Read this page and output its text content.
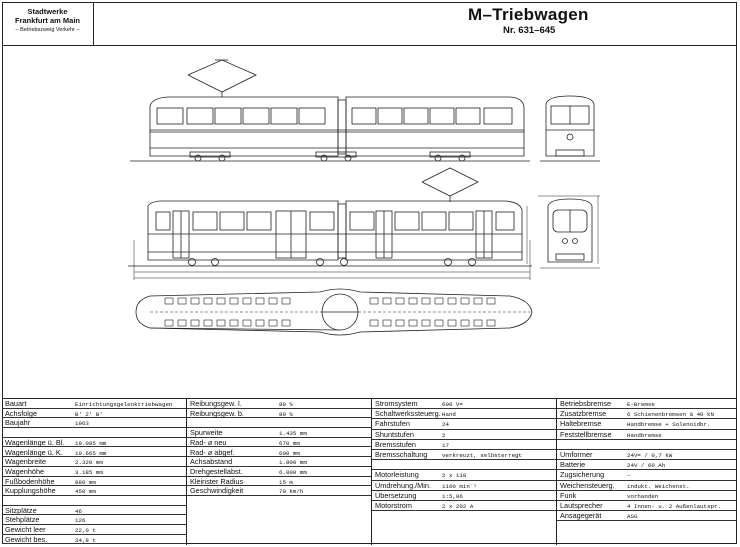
Stadtwerke
Frankfurt am Main
– Betriebszweig Verkehr –
M–Triebwagen
Nr. 631–645
Bauart	Einrichtungsgelenktriebwagen
Achsfolge	B' 2' B'
Baujahr	1963
Wagenlänge ü. Bl. 19.095 mm
Wagenlänge ü. K. 19.665 mm
Wagenbreite	2.320 mm
Wagenhöhe	3.185 mm
Fußbodenhöhe	880 mm
Kupplungshöhe	450 mm
Sitzplätze	46
Stehplätze	126
Gewicht leer	22,0 t
Gewicht bes.	34,8 t
Reibungsgew. I.	80 %
Reibungsgew. b.	80 %
Spurweite	1.435 mm
Rad- ⌀ neu	670 mm
Rad- ⌀ abgef.	600 mm
Achsabstand	1.800 mm
Drehgestellabst.	6.000 mm
Kleinster Radius	15 m
Geschwindigkeit	70 km/h
Stromsystem	600 V=
Schaltwerkssteuerg. Hand
Fahrstufen	24
Shuntstufen	2
Bremsstufen	17
Bremsschaltung	verkreuzt, selbsterregt
Motorleistung	2 x 110
Umdrehung./Min. 1160 min⁻¹
Übersetzung	1:5,86
Motorstrom	2 x 202 A
Betriebsbremse	E-Bremse
Zusatzbremse	6 Schienenbremsen à 40 kN
Haltebremse	Handbremse + Solenoidbr.
Feststellbremse	Handbremse
Umformer	24V= / 0,7 kW
Batterie	24V / 60 Ah
Zugsicherung	–
Weichensteuerg. indukt. Weichenst.
Funk	vorhanden
Lautsprecher	4 Innen- u. 2 Außenlautspr.
Ansagegerät	ASG
